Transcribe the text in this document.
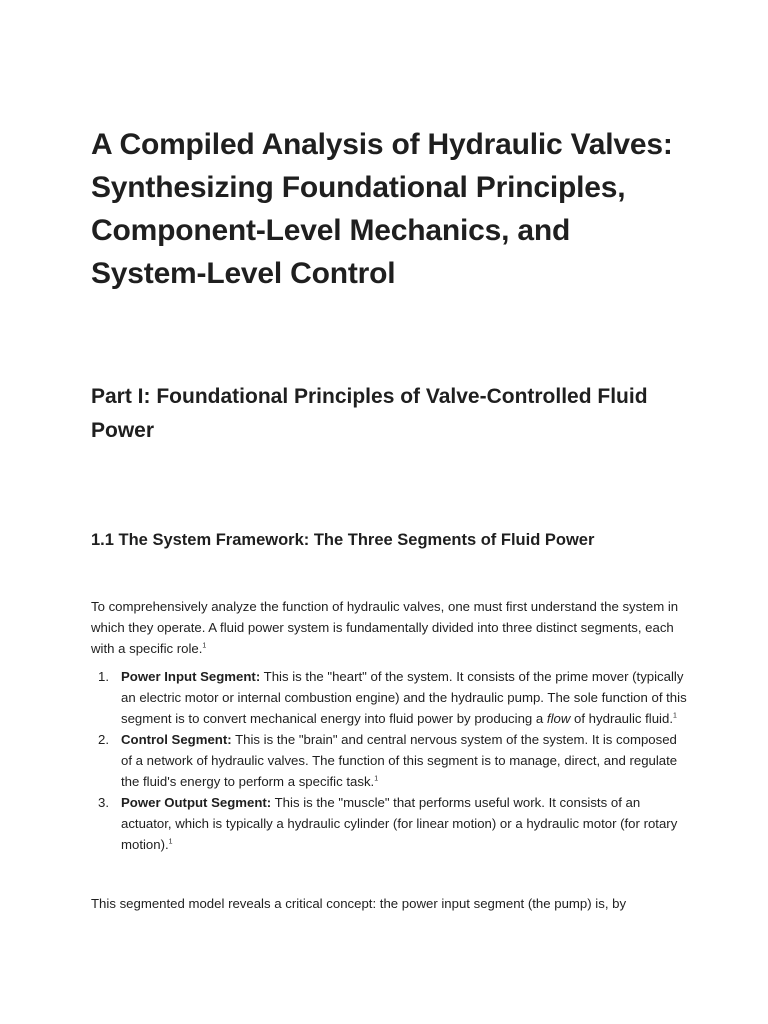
A Compiled Analysis of Hydraulic Valves: Synthesizing Foundational Principles, Component-Level Mechanics, and System-Level Control
Part I: Foundational Principles of Valve-Controlled Fluid Power
1.1 The System Framework: The Three Segments of Fluid Power

To comprehensively analyze the function of hydraulic valves, one must first understand the system in which they operate. A fluid power system is fundamentally divided into three distinct segments, each with a specific role.$^1$

1. Power Input Segment: This is the "heart" of the system. It consists of the prime mover (typically an electric motor or internal combustion engine) and the hydraulic pump. The sole function of this segment is to convert mechanical energy into fluid power by producing a flow of hydraulic fluid.$^1$
2. Control Segment: This is the "brain" and central nervous system of the system. It is composed of a network of hydraulic valves. The function of this segment is to manage, direct, and regulate the fluid's energy to perform a specific task.$^1$
3. Power Output Segment: This is the "muscle" that performs useful work. It consists of an actuator, which is typically a hydraulic cylinder (for linear motion) or a hydraulic motor (for rotary motion).$^1$

This segmented model reveals a critical concept: the power input segment (the pump) is, by
